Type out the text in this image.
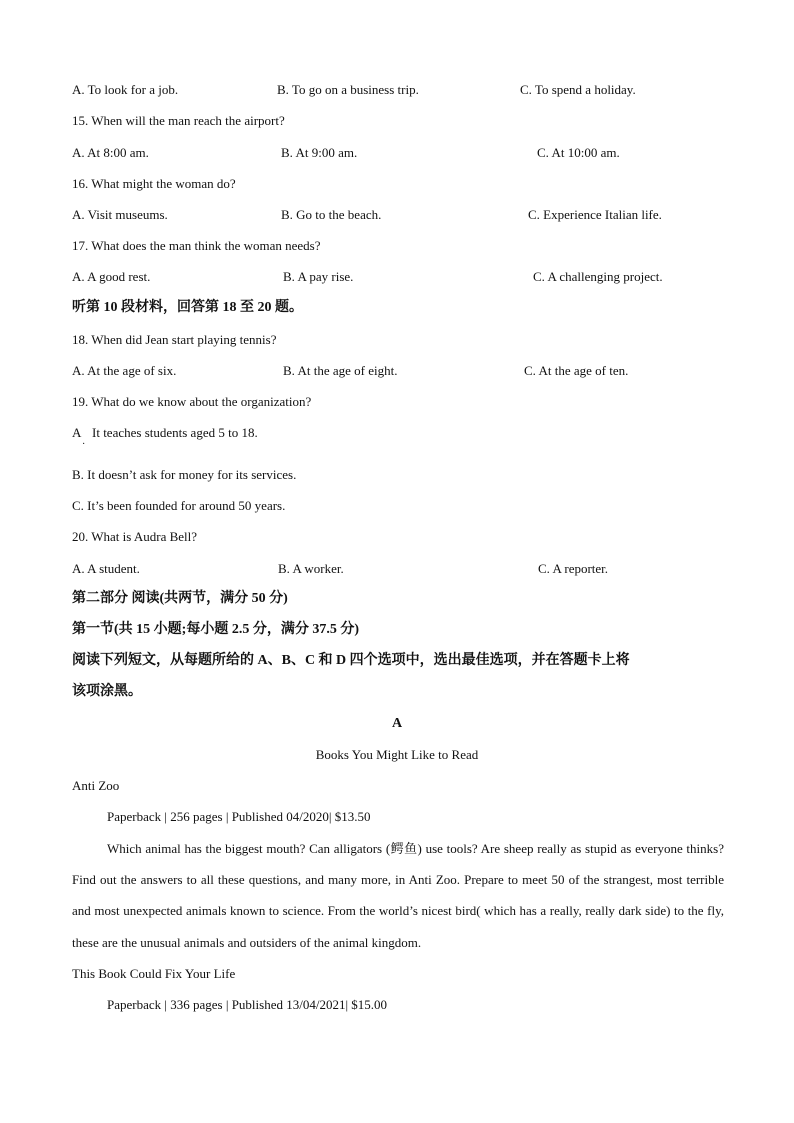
A. To look for a job.	B. To go on a business trip.	C. To spend a holiday.
15. When will the man reach the airport?
A. At 8:00 am.	B. At 9:00 am.	C. At 10:00 am.
16. What might the woman do?
A. Visit museums.	B. Go to the beach.	C. Experience Italian life.
17. What does the man think the woman needs?
A. A good rest.	B. A pay rise.	C. A challenging project.
听第 10 段材料，回答第 18 至 20 题。
18. When did Jean start playing tennis?
A. At the age of six.	B. At the age of eight.	C. At the age of ten.
19. What do we know about the organization?
A
·
It teaches students aged 5 to 18.
B. It doesn’t ask for money for its services.
C. It’s been founded for around 50 years.
20. What is Audra Bell?
A. A student.	B. A worker.	C. A reporter.
第二部分 阅读(共两节，满分 50 分)
第一节(共 15 小题;每小题 2.5 分，满分 37.5 分)
阅读下列短文，从每题所给的 A、B、C 和 D 四个选项中，选出最佳选项，并在答题卡上将
该项涂黑。
A
Books You Might Like to Read
Anti Zoo
Paperback | 256 pages | Published 04/2020| $13.50
Which animal has the biggest mouth? Can alligators (鳄鱼) use tools? Are sheep really as stupid as everyone thinks? Find out the answers to all these questions, and many more, in Anti Zoo. Prepare to meet 50 of the strangest, most terrible and most unexpected animals known to science. From the world’s nicest bird( which has a really, really dark side) to the fly, these are the unusual animals and outsiders of the animal kingdom.
This Book Could Fix Your Life
Paperback | 336 pages | Published 13/04/2021| $15.00
